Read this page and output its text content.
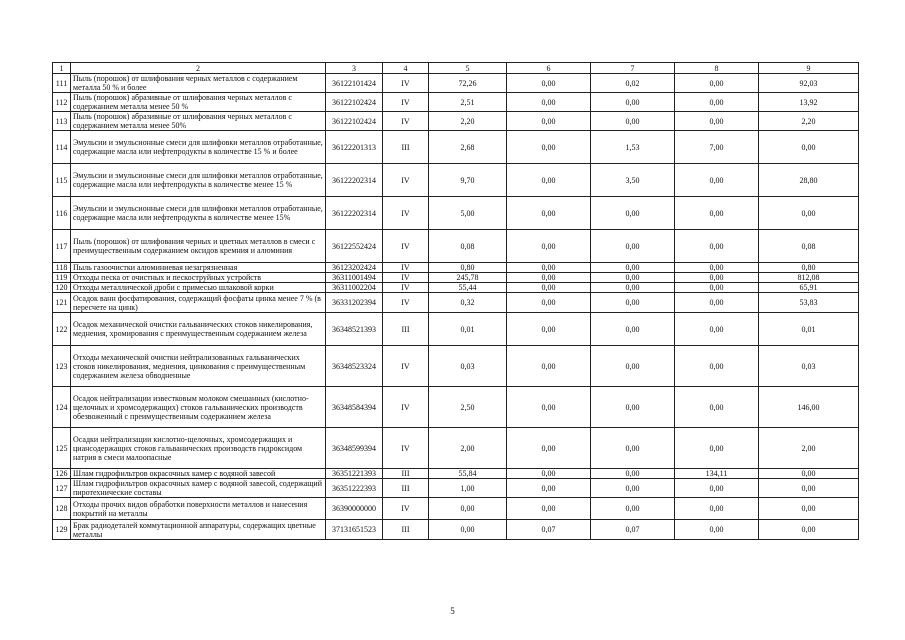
1	2	3	4	5	6	7	8	9
111	Пыль (порошок) от шлифования черных металлов с содержанием металла 50 % и более	36122101424	IV	72,26	0,00	0,02	0,00	92,03
112	Пыль (порошок) абразивные от шлифования черных металлов с содержанием металла менее 50 %	36122102424	IV	2,51	0,00	0,00	0,00	13,92
113	Пыль (порошок) абразивные от шлифования черных металлов с содержанием металла менее 50%	36122102424	IV	2,20	0,00	0,00	0,00	2,20
114	Эмульсии и эмульсионные смеси для шлифовки металлов отработанные, содержащие масла или нефтепродукты в количестве 15 % и более	36122201313	III	2,68	0,00	1,53	7,00	0,00
115	Эмульсии и эмульсионные смеси для шлифовки металлов отработанные, содержащие масла или нефтепродукты в количестве менее 15 %	36122202314	IV	9,70	0,00	3,50	0,00	28,80
116	Эмульсии и эмульсионные смеси для шлифовки металлов отработанные, содержащие масла или нефтепродукты в количестве менее 15%	36122202314	IV	5,00	0,00	0,00	0,00	0,00
117	Пыль (порошок) от шлифования черных и цветных металлов в смеси с преимущественным содержанием оксидов кремния и алюминия	36122552424	IV	0,08	0,00	0,00	0,00	0,08
118	Пыль газоочистки алюминиевая незагрязненная	36123202424	IV	0,80	0,00	0,00	0,00	0,80
119	Отходы песка от очистных и пескоструйных устройств	36311001494	IV	245,78	0,00	0,00	0,00	812,08
120	Отходы металлической дроби с примесью шлаковой корки	36311002204	IV	55,44	0,00	0,00	0,00	65,91
121	Осадок ванн фосфатирования, содержащий фосфаты цинка менее 7 % (в пересчете на цинк)	36331202394	IV	0,32	0,00	0,00	0,00	53,83
122	Осадок механической очистки гальванических стоков никелирования, меднения, хромирования с преимущественным содержанием железа	36348521393	III	0,01	0,00	0,00	0,00	0,01
123	Отходы механической очистки нейтрализованных гальванических стоков никелирования, меднения, цинкования с преимущественным содержанием железа обводненные	36348523324	IV	0,03	0,00	0,00	0,00	0,03
124	Осадок нейтрализации известковым молоком смешанных (кислотно-щелочных и хромсодержащих) стоков гальванических производств обезвоженный с преимущественным содержанием железа	36348584394	IV	2,50	0,00	0,00	0,00	146,00
125	Осадки нейтрализации кислотно-щелочных, хромсодержащих и циансодержащих стоков гальванических производств гидроксидом натрия в смеси малоопасные	36348599394	IV	2,00	0,00	0,00	0,00	2,00
126	Шлам гидрофильтров окрасочных камер с водяной завесой	36351221393	III	55,84	0,00	0,00	134,11	0,00
127	Шлам гидрофильтров окрасочных камер с водяной завесой, содержащий пиротехнические составы	36351222393	III	1,00	0,00	0,00	0,00	0,00
128	Отходы прочих видов обработки поверхности металлов и нанесения покрытий на металлы	36390000000	IV	0,00	0,00	0,00	0,00	0,00
129	Брак радиодеталей коммутационной аппаратуры, содержащих цветные металлы	37131651523	III	0,00	0,07	0,07	0,00	0,00
5
